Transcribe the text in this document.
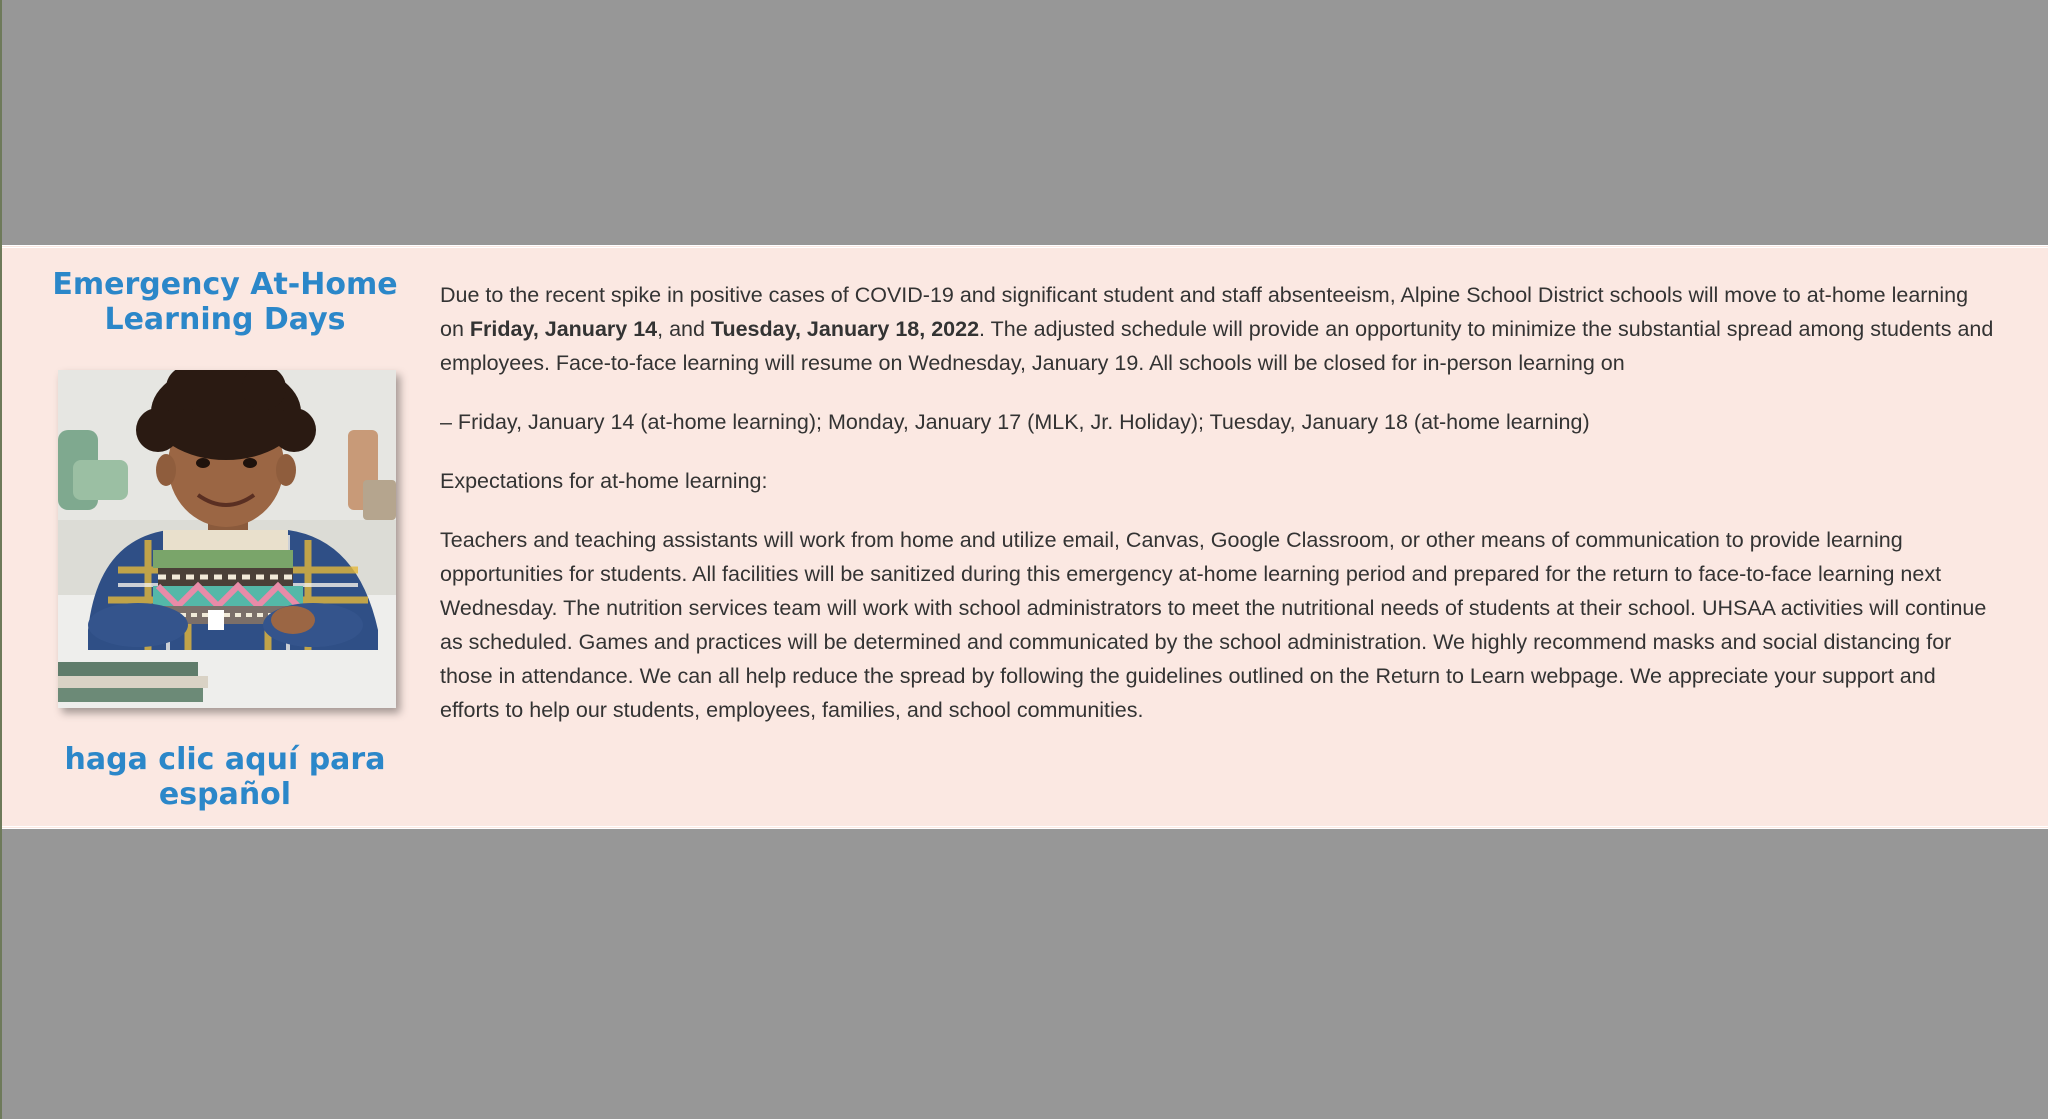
Emergency At-Home Learning Days
haga clic aquí para español

Due to the recent spike in positive cases of COVID-19 and significant student and staff absenteeism, Alpine School District schools will move to at-home learning on Friday, January 14, and Tuesday, January 18, 2022. The adjusted schedule will provide an opportunity to minimize the substantial spread among students and employees. Face-to-face learning will resume on Wednesday, January 19. All schools will be closed for in-person learning on

– Friday, January 14 (at-home learning); Monday, January 17 (MLK, Jr. Holiday); Tuesday, January 18 (at-home learning)

Expectations for at-home learning:

Teachers and teaching assistants will work from home and utilize email, Canvas, Google Classroom, or other means of communication to provide learning opportunities for students. All facilities will be sanitized during this emergency at-home learning period and prepared for the return to face-to-face learning next Wednesday. The nutrition services team will work with school administrators to meet the nutritional needs of students at their school. UHSAA activities will continue as scheduled. Games and practices will be determined and communicated by the school administration. We highly recommend masks and social distancing for those in attendance. We can all help reduce the spread by following the guidelines outlined on the Return to Learn webpage. We appreciate your support and efforts to help our students, employees, families, and school communities.
